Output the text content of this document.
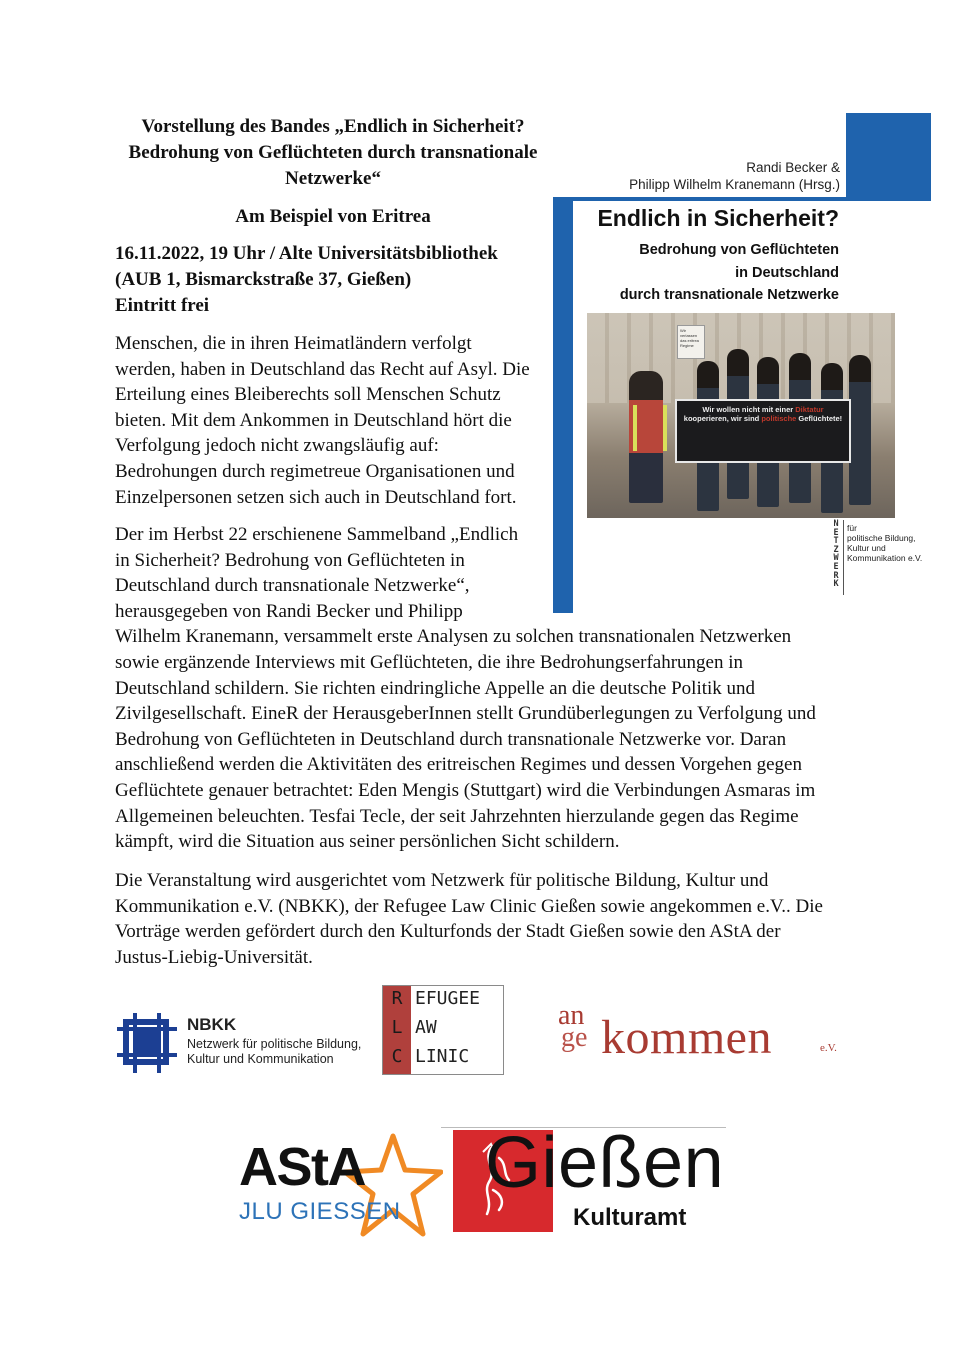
Vorstellung des Bandes „Endlich in Sicherheit?
Bedrohung von Geflüchteten durch transnationale
Netzwerke“
Am Beispiel von Eritrea
16.11.2022, 19 Uhr / Alte Universitätsbibliothek
(AUB 1, Bismarckstraße 37, Gießen)
Eintritt frei
Menschen, die in ihren Heimatländern verfolgt
werden, haben in Deutschland das Recht auf Asyl. Die
Erteilung eines Bleiberechts soll Menschen Schutz
bieten. Mit dem Ankommen in Deutschland hört die
Verfolgung jedoch nicht zwangsläufig auf:
Bedrohungen durch regimetreue Organisationen und
Einzelpersonen setzen sich auch in Deutschland fort.
Der im Herbst 22 erschienene Sammelband „Endlich
in Sicherheit? Bedrohung von Geflüchteten in
Deutschland durch transnationale Netzwerke“,
herausgegeben von Randi Becker und Philipp
Wilhelm Kranemann, versammelt erste Analysen zu solchen transnationalen Netzwerken
sowie ergänzende Interviews mit Geflüchteten, die ihre Bedrohungserfahrungen in
Deutschland schildern. Sie richten eindringliche Appelle an die deutsche Politik und
Zivilgesellschaft. EineR der HerausgeberInnen stellt Grundüberlegungen zu Verfolgung und
Bedrohung von Geflüchteten in Deutschland durch transnationale Netzwerke vor. Daran
anschließend werden die Aktivitäten des eritreischen Regimes und dessen Vorgehen gegen
Geflüchtete genauer betrachtet: Eden Mengis (Stuttgart) wird die Verbindungen Asmaras im
Allgemeinen beleuchten. Tesfai Tecle, der seit Jahrzehnten hierzulande gegen das Regime
kämpft, wird die Situation aus seiner persönlichen Sicht schildern.
Die Veranstaltung wird ausgerichtet vom Netzwerk für politische Bildung, Kultur und
Kommunikation e.V. (NBKK), der Refugee Law Clinic Gießen sowie angekommen e.V.. Die
Vorträge werden gefördert durch den Kulturfonds der Stadt Gießen sowie den AStA der
Justus-Liebig-Universität.
Randi Becker &
Philipp Wilhelm Kranemann (Hrsg.)
Endlich in Sicherheit?
Bedrohung von Geflüchteten
in Deutschland
durch transnationale Netzwerke
Wir verlassen das eritrea Regime
Wir wollen nicht mit einer Diktatur
kooperieren, wir sind politische Geflüchtete!
N
E
T
Z
W
E
R
K
für
politische Bildung,
Kultur und
Kommunikation e.V.
NBKK
Netzwerk für politische Bildung,
Kultur und Kommunikation
R EFUGEE
L AW
C LINIC
an
ge kommen	e.V.
AStA
JLU GIESSEN
Gießen
Kulturamt
